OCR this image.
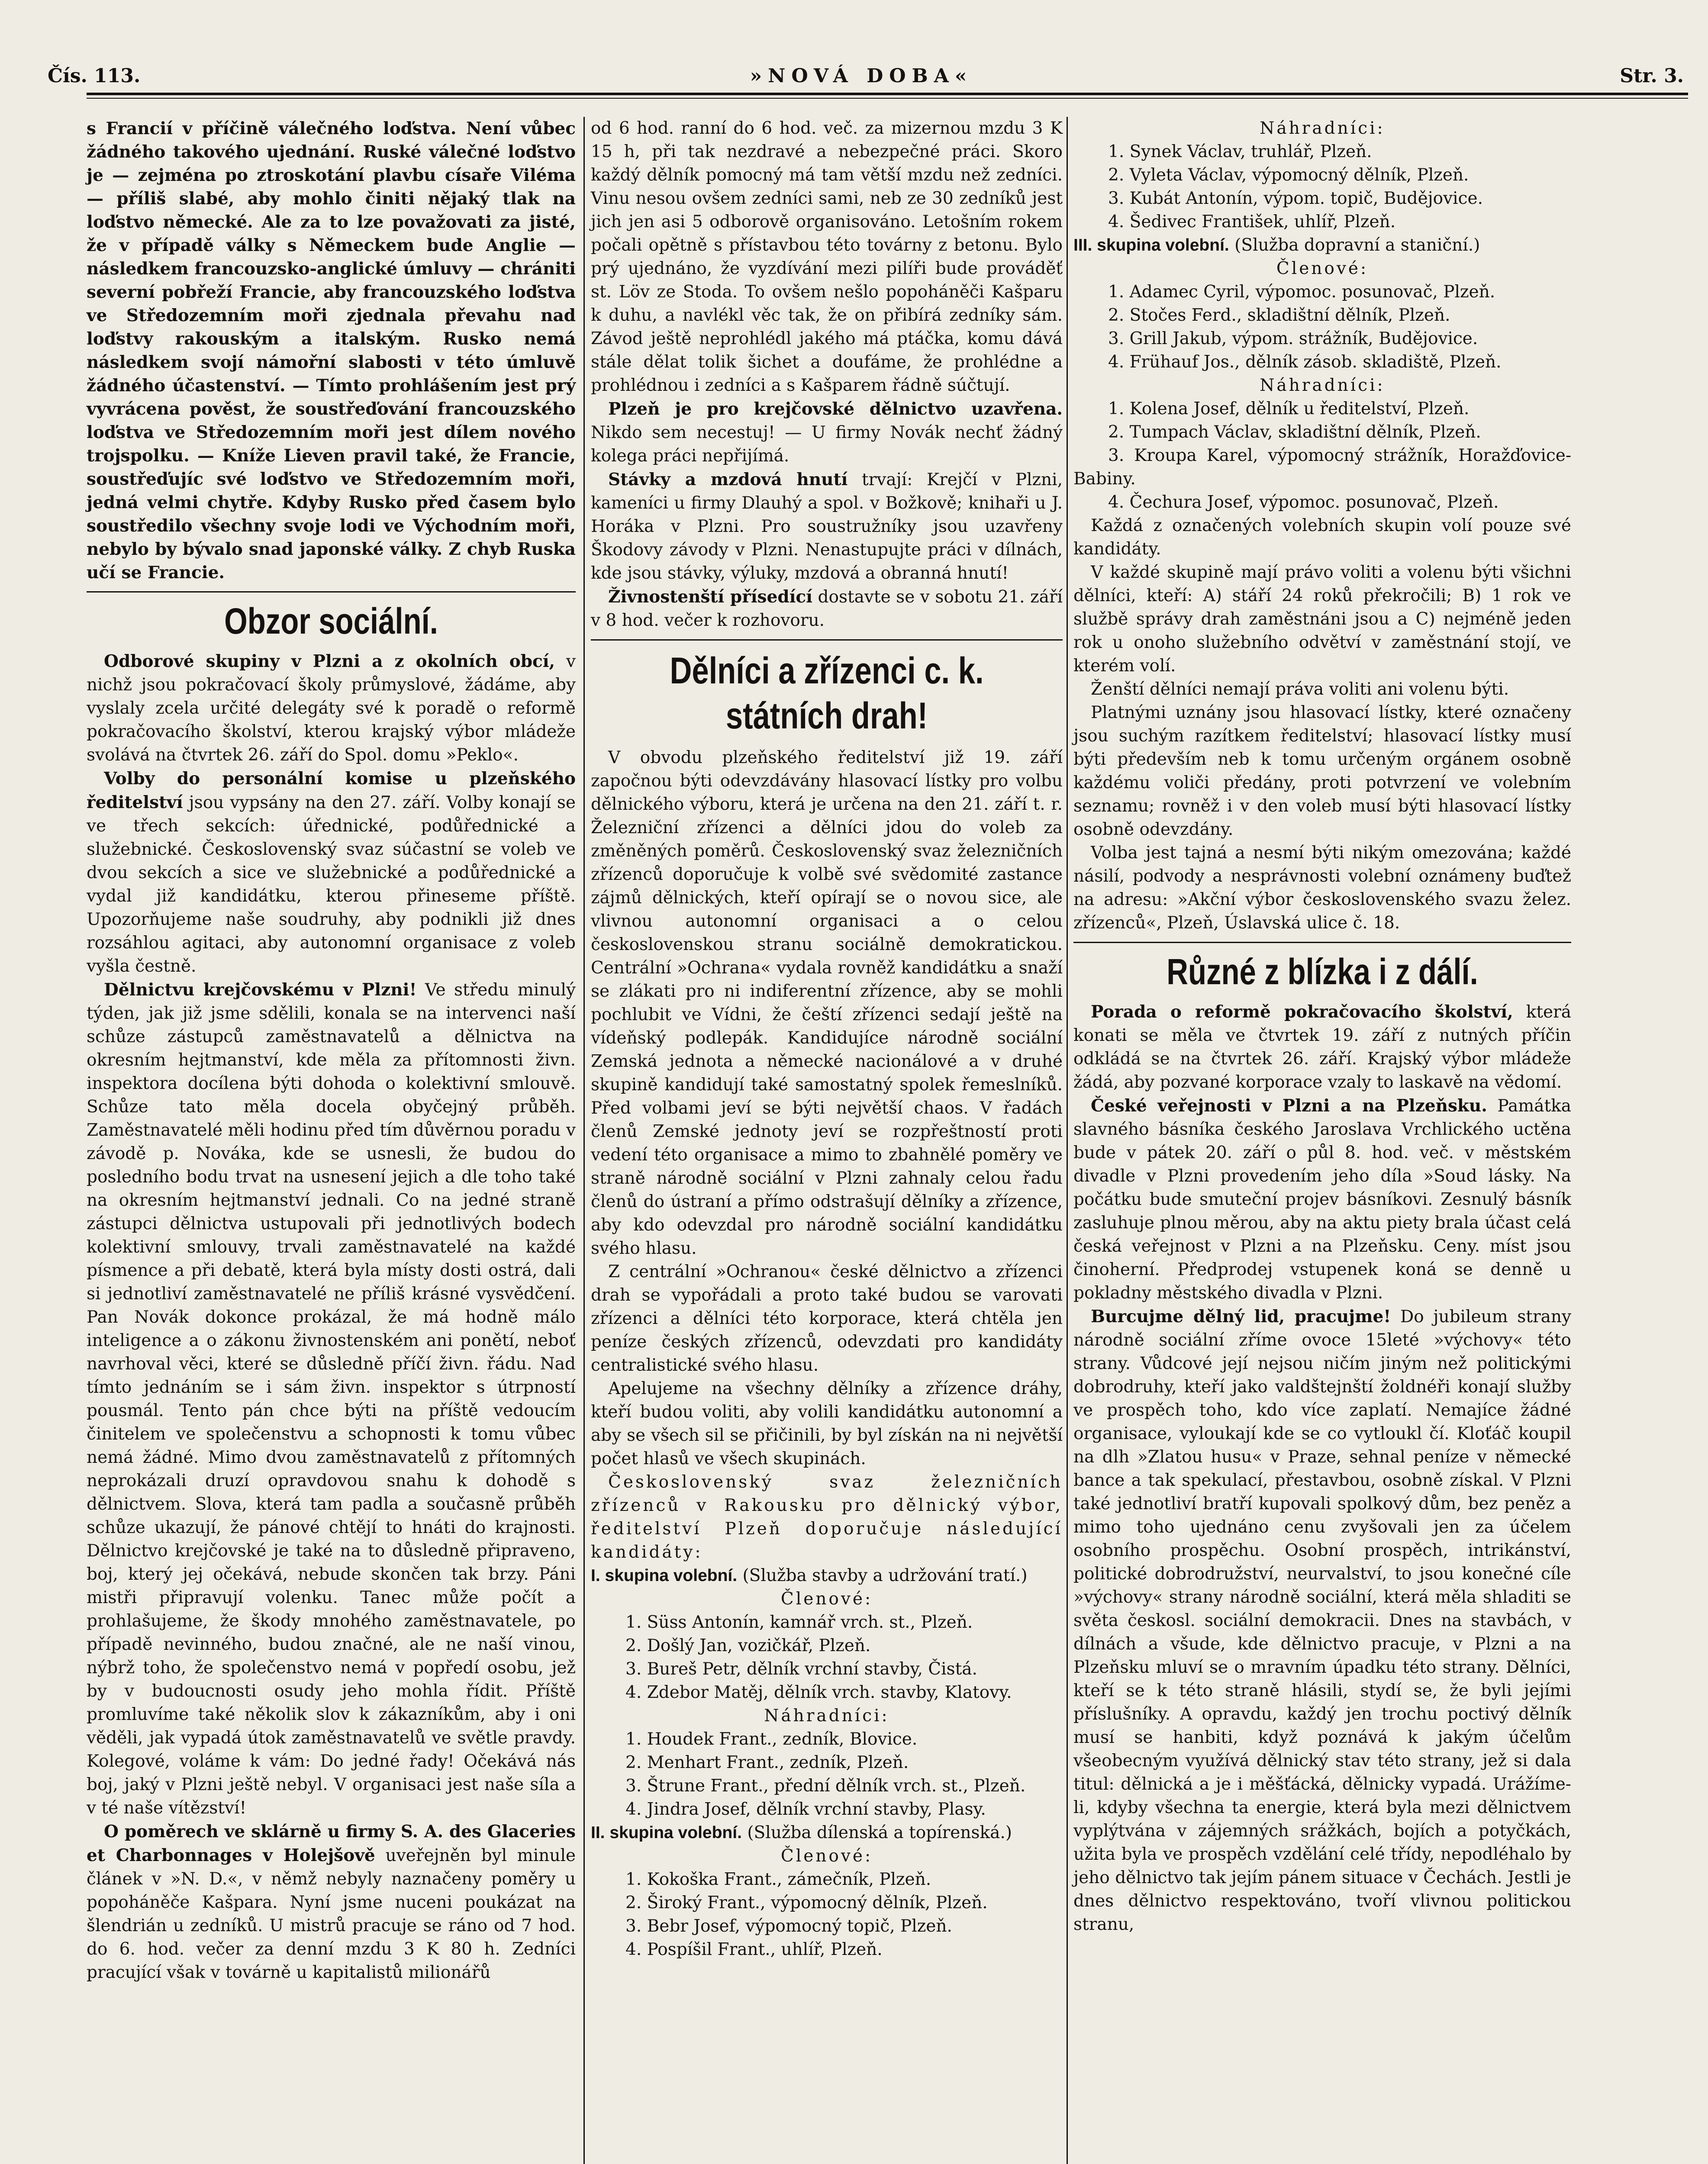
Čís. 113.	»NOVÁ DOBA«	Str. 3.

s Francií v příčině válečného loďstva. Není vůbec žádného takového ujednání. Ruské válečné loďstvo je — zejména po ztroskotání plavbu císaře Viléma — příliš slabé, aby mohlo činiti nějaký tlak na loďstvo německé. Ale za to lze považovati za jisté, že v případě války s Německem bude Anglie — následkem francouzsko-anglické úmluvy — chrániti severní pobřeží Francie, aby francouzského loďstva ve Středozemním moři zjednala převahu nad loďstvy rakouským a italským. Rusko nemá následkem svojí námořní slabosti v této úmluvě žádného účastenství. — Tímto prohlášením jest prý vyvrácena pověst, že soustřeďování francouzského loďstva ve Středozemním moři jest dílem nového trojspolku. — Kníže Lieven pravil také, že Francie, soustřeďujíc své loďstvo ve Středozemním moři, jedná velmi chytře. Kdyby Rusko před časem bylo soustředilo všechny svoje lodi ve Východním moři, nebylo by bývalo snad japonské války. Z chyb Ruska učí se Francie.

Obzor sociální.

Odborové skupiny v Plzni a z okolních obcí, v nichž jsou pokračovací školy průmyslové, žádáme, aby vyslaly zcela určité delegáty své k poradě o reformě pokračovacího školství, kterou krajský výbor mládeže svolává na čtvrtek 26. září do Spol. domu »Peklo«.

Volby do personální komise u plzeňského ředitelství jsou vypsány na den 27. září. Volby konají se ve třech sekcích: úřednické, podůřednické a služebnické. Československý svaz súčastní se voleb ve dvou sekcích a sice ve služebnické a podůřednické a vydal již kandidátku, kterou přineseme příště. Upozorňujeme naše soudruhy, aby podnikli již dnes rozsáhlou agitaci, aby autonomní organisace z voleb vyšla čestně.

Dělnictvu krejčovskému v Plzni! Ve středu minulý týden, jak již jsme sdělili, konala se na intervenci naší schůze zástupců zaměstnavatelů a dělnictva na okresním hejtmanství, kde měla za přítomnosti živn. inspektora docílena býti dohoda o kolektivní smlouvě. Schůze tato měla docela obyčejný průběh. Zaměstnavatelé měli hodinu před tím důvěrnou poradu v závodě p. Nováka, kde se usnesli, že budou do posledního bodu trvat na usnesení jejich a dle toho také na okresním hejtmanství jednali. Co na jedné straně zástupci dělnictva ustupovali při jednotlivých bodech kolektivní smlouvy, trvali zaměstnavatelé na každé písmence a při debatě, která byla místy dosti ostrá, dali si jednotliví zaměstnavatelé ne příliš krásné vysvědčení. Pan Novák dokonce prokázal, že má hodně málo inteligence a o zákonu živnostenském ani ponětí, neboť navrhoval věci, které se důsledně příčí živn. řádu. Nad tímto jednáním se i sám živn. inspektor s útrpností pousmál. Tento pán chce býti na příště vedoucím činitelem ve společenstvu a schopnosti k tomu vůbec nemá žádné. Mimo dvou zaměstnavatelů z přítomných neprokázali druzí opravdovou snahu k dohodě s dělnictvem. Slova, která tam padla a současně průběh schůze ukazují, že pánové chtějí to hnáti do krajnosti. Dělnictvo krejčovské je také na to důsledně připraveno, boj, který jej očekává, nebude skončen tak brzy. Páni mistři připravují volenku. Tanec může počít a prohlašujeme, že škody mnohého zaměstnavatele, po případě nevinného, budou značné, ale ne naší vinou, nýbrž toho, že společenstvo nemá v popředí osobu, jež by v budoucnosti osudy jeho mohla řídit. Příště promluvíme také několik slov k zákazníkům, aby i oni věděli, jak vypadá útok zaměstnavatelů ve světle pravdy. Kolegové, voláme k vám: Do jedné řady! Očekává nás boj, jaký v Plzni ještě nebyl. V organisaci jest naše síla a v té naše vítězství!

O poměrech ve sklárně u firmy S. A. des Glaceries et Charbonnages v Holejšově uveřejněn byl minule článek v »N. D.«, v němž nebyly naznačeny poměry u popoháněče Kašpara. Nyní jsme nuceni poukázat na šlendrián u zedníků. U mistrů pracuje se ráno od 7 hod. do 6. hod. večer za denní mzdu 3 K 80 h. Zedníci pracující však v továrně u kapitalistů milionářů

od 6 hod. ranní do 6 hod. več. za mizernou mzdu 3 K 15 h, při tak nezdravé a nebezpečné práci. Skoro každý dělník pomocný má tam větší mzdu než zedníci. Vinu nesou ovšem zedníci sami, neb ze 30 zedníků jest jich jen asi 5 odborově organisováno. Letošním rokem počali opětně s přístavbou této továrny z betonu. Bylo prý ujednáno, že vyzdívání mezi pilíři bude prováděť st. Löv ze Stoda. To ovšem nešlo popoháněči Kašparu k duhu, a navlékl věc tak, že on přibírá zedníky sám. Závod ještě neprohlédl jakého má ptáčka, komu dává stále dělat tolik šichet a doufáme, že prohlédne a prohlédnou i zedníci a s Kašparem řádně súčtují.

Plzeň je pro krejčovské dělnictvo uzavřena. Nikdo sem necestuj! — U firmy Novák nechť žádný kolega práci nepřijímá.

Stávky a mzdová hnutí trvají: Krejčí v Plzni, kameníci u firmy Dlauhý a spol. v Božkově; knihaři u J. Horáka v Plzni. Pro soustružníky jsou uzavřeny Škodovy závody v Plzni. Nenastupujte práci v dílnách, kde jsou stávky, výluky, mzdová a obranná hnutí!

Živnostenští přísedící dostavte se v sobotu 21. září v 8 hod. večer k rozhovoru.

Dělníci a zřízenci c. k. státních drah!

V obvodu plzeňského ředitelství již 19. září započnou býti odevzdávány hlasovací lístky pro volbu dělnického výboru, která je určena na den 21. září t. r. Železniční zřízenci a dělníci jdou do voleb za změněných poměrů. Československý svaz železničních zřízenců doporučuje k volbě své svědomité zastance zájmů dělnických, kteří opírají se o novou sice, ale vlivnou autonomní organisaci a o celou československou stranu sociálně demokratickou. Centrální »Ochrana« vydala rovněž kandidátku a snaží se zlákati pro ni indiferentní zřízence, aby se mohli pochlubit ve Vídni, že čeští zřízenci sedají ještě na vídeňský podlepák. Kandidujíce národně sociální Zemská jednota a německé nacionálové a v druhé skupině kandidují také samostatný spolek řemeslníků. Před volbami jeví se býti největší chaos. V řadách členů Zemské jednoty jeví se rozpřeštností proti vedení této organisace a mimo to zbahnělé poměry ve straně národně sociální v Plzni zahnaly celou řadu členů do ústraní a přímo odstrašují dělníky a zřízence, aby kdo odevzdal pro národně sociální kandidátku svého hlasu.

Z centrální »Ochranou« české dělnictvo a zřízenci drah se vypořádali a proto také budou se varovati zřízenci a dělníci této korporace, která chtěla jen peníze českých zřízenců, odevzdati pro kandidáty centralistické svého hlasu.

Apelujeme na všechny dělníky a zřízence dráhy, kteří budou voliti, aby volili kandidátku autonomní a aby se všech sil se přičinili, by byl získán na ni největší počet hlasů ve všech skupinách.

Československý svaz železničních zřízenců v Rakousku pro dělnický výbor, ředitelství Plzeň doporučuje následující kandidáty:

I. skupina volební. (Služba stavby a udržování tratí.)

Členové:

1. Süss Antonín, kamnář vrch. st., Plzeň.
2. Došlý Jan, vozičkář, Plzeň.
3. Bureš Petr, dělník vrchní stavby, Čistá.
4. Zdebor Matěj, dělník vrch. stavby, Klatovy.

Náhradníci:

1. Houdek Frant., zedník, Blovice.
2. Menhart Frant., zedník, Plzeň.
3. Štrune Frant., přední dělník vrch. st., Plzeň.
4. Jindra Josef, dělník vrchní stavby, Plasy.

II. skupina volební. (Služba dílenská a topírenská.)

Členové:

1. Kokoška Frant., zámečník, Plzeň.
2. Široký Frant., výpomocný dělník, Plzeň.
3. Bebr Josef, výpomocný topič, Plzeň.
4. Pospíšil Frant., uhlíř, Plzeň.

Náhradníci:

1. Synek Václav, truhlář, Plzeň.
2. Vyleta Václav, výpomocný dělník, Plzeň.
3. Kubát Antonín, výpom. topič, Budějovice.
4. Šedivec František, uhlíř, Plzeň.

III. skupina volební. (Služba dopravní a staniční.)

Členové:

1. Adamec Cyril, výpomoc. posunovač, Plzeň.
2. Stočes Ferd., skladištní dělník, Plzeň.
3. Grill Jakub, výpom. strážník, Budějovice.
4. Frühauf Jos., dělník zásob. skladiště, Plzeň.

Náhradníci:

1. Kolena Josef, dělník u ředitelství, Plzeň.
2. Tumpach Václav, skladištní dělník, Plzeň.
3. Kroupa Karel, výpomocný strážník, Horažďovice-Babiny.
4. Čechura Josef, výpomoc. posunovač, Plzeň.

Každá z označených volebních skupin volí pouze své kandidáty.

V každé skupině mají právo voliti a volenu býti všichni dělníci, kteří: A) stáří 24 roků překročili; B) 1 rok ve službě správy drah zaměstnáni jsou a C) nejméně jeden rok u onoho služebního odvětví v zaměstnání stojí, ve kterém volí.

Ženští dělníci nemají práva voliti ani volenu býti.

Platnými uznány jsou hlasovací lístky, které označeny jsou suchým razítkem ředitelství; hlasovací lístky musí býti především neb k tomu určeným orgánem osobně každému voliči předány, proti potvrzení ve volebním seznamu; rovněž i v den voleb musí býti hlasovací lístky osobně odevzdány.

Volba jest tajná a nesmí býti nikým omezována; každé násilí, podvody a nesprávnosti volební oznámeny buďtež na adresu: »Akční výbor československého svazu želez. zřízenců«, Plzeň, Úslavská ulice č. 18.

Různé z blízka i z dálí.

Porada o reformě pokračovacího školství, která konati se měla ve čtvrtek 19. září z nutných příčin odkládá se na čtvrtek 26. září. Krajský výbor mládeže žádá, aby pozvané korporace vzaly to laskavě na vědomí.

České veřejnosti v Plzni a na Plzeňsku. Památka slavného básníka českého Jaroslava Vrchlického uctěna bude v pátek 20. září o půl 8. hod. več. v městském divadle v Plzni provedením jeho díla »Soud lásky. Na počátku bude smuteční projev básníkovi. Zesnulý básník zasluhuje plnou měrou, aby na aktu piety brala účast celá česká veřejnost v Plzni a na Plzeňsku. Ceny. míst jsou činoherní. Předprodej vstupenek koná se denně u pokladny městského divadla v Plzni.

Burcujme dělný lid, pracujme! Do jubileum strany národně sociální zříme ovoce 15leté »výchovy« této strany. Vůdcové její nejsou ničím jiným než politickými dobrodruhy, kteří jako valdštejnští žoldnéři konají služby ve prospěch toho, kdo více zaplatí. Nemajíce žádné organisace, vyloukají kde se co vytloukl čí. Kloťáč koupil na dlh »Zlatou husu« v Praze, sehnal peníze v německé bance a tak spekulací, přestavbou, osobně získal. V Plzni také jednotliví bratří kupovali spolkový dům, bez peněz a mimo toho ujednáno cenu zvyšovali jen za účelem osobního prospěchu. Osobní prospěch, intrikánství, politické dobrodružství, neurvalství, to jsou konečné cíle »výchovy« strany národně sociální, která měla shladiti se světa českosl. sociální demokracii. Dnes na stavbách, v dílnách a všude, kde dělnictvo pracuje, v Plzni a na Plzeňsku mluví se o mravním úpadku této strany. Dělníci, kteří se k této straně hlásili, stydí se, že byli jejími příslušníky. A opravdu, každý jen trochu poctivý dělník musí se hanbiti, když poznává k jakým účelům všeobecným využívá dělnický stav této strany, jež si dala titul: dělnická a je i měšťácká, dělnicky vypadá. Urážíme-li, kdyby všechna ta energie, která byla mezi dělnictvem vyplýtvána v zájemných srážkách, bojích a potyčkách, užita byla ve prospěch vzdělání celé třídy, nepodléhalo by jeho dělnictvo tak jejím pánem situace v Čechách. Jestli je dnes dělnictvo respektováno, tvoří vlivnou politickou stranu,
